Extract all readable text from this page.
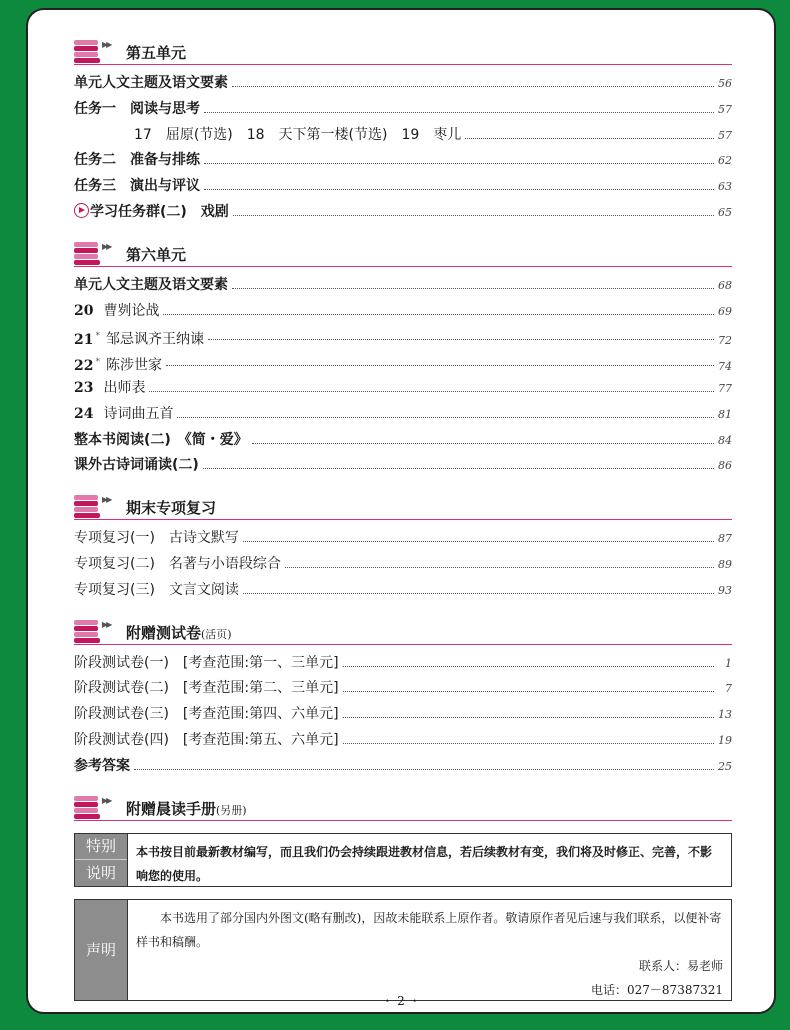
▶▶ 第五单元
单元人文主题及语文要素	56
任务一　阅读与思考	57
17　屈原(节选)　18　天下第一楼(节选)　19　枣儿	57
任务二　准备与排练	62
任务三　演出与评议	63
学习任务群(二)　戏剧	65
▶▶ 第六单元
单元人文主题及语文要素	68
20 曹刿论战	69
21 * 邹忌讽齐王纳谏	72
22 * 陈涉世家	74
23 出师表	77
24 诗词曲五首	81
整本书阅读(二)　《简・爱》	84
课外古诗词诵读(二)	86
▶▶ 期末专项复习
专项复习(一)　古诗文默写	87
专项复习(二)　名著与小语段综合	89
专项复习(三)　文言文阅读	93
▶▶ 附赠测试卷(活页)
阶段测试卷(一)　[考查范围:第一、三单元]	1
阶段测试卷(二)　[考查范围:第二、三单元]	7
阶段测试卷(三)　[考查范围:第四、六单元]	13
阶段测试卷(四)　[考查范围:第五、六单元]	19
参考答案	25
▶▶ 附赠晨读手册(另册)
特别
说明
本书按目前最新教材编写，而且我们仍会持续跟进教材信息，若后续教材有变，我们将及时修正、完善，不影响您的使用。
声明

本书选用了部分国内外图文(略有删改)，因故未能联系上原作者。敬请原作者见后速与我们联系，以便补寄样书和稿酬。

联系人：易老师
电话：027－87387321
・ 2 ・
